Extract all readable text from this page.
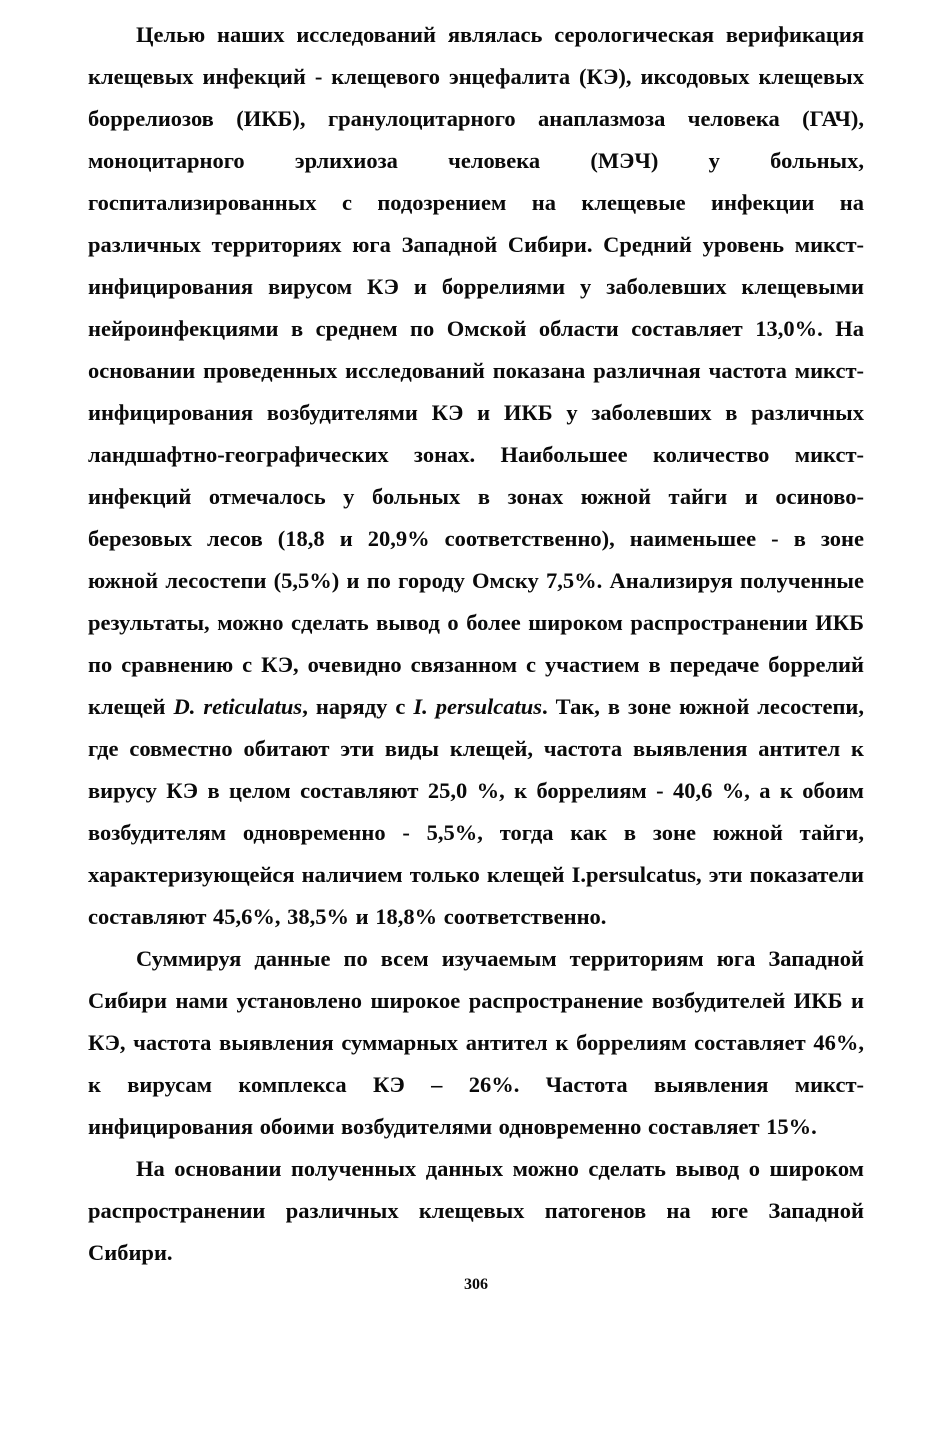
Целью наших исследований являлась серологическая верификация клещевых инфекций - клещевого энцефалита (КЭ), иксодовых клещевых боррелиозов (ИКБ), гранулоцитарного анаплазмоза человека (ГАЧ), моноцитарного эрлихиоза человека (МЭЧ) у больных, госпитализированных с подозрением на клещевые инфекции на различных территориях юга Западной Сибири. Средний уровень микст-инфицирования вирусом КЭ и боррелиями у заболевших клещевыми нейроинфекциями в среднем по Омской области составляет 13,0%. На основании проведенных исследований показана различная частота микст-инфицирования возбудителями КЭ и ИКБ у заболевших в различных ландшафтно-географических зонах. Наибольшее количество микст-инфекций отмечалось у больных в зонах южной тайги и осиново-березовых лесов (18,8 и 20,9% соответственно), наименьшее - в зоне южной лесостепи (5,5%) и по городу Омску 7,5%. Анализируя полученные результаты, можно сделать вывод о более широком распространении ИКБ по сравнению с КЭ, очевидно связанном с участием в передаче боррелий клещей D. reticulatus, наряду с I. persulcatus. Так, в зоне южной лесостепи, где совместно обитают эти виды клещей, частота выявления антител к вирусу КЭ в целом составляют 25,0 %, к боррелиям - 40,6 %, а к обоим возбудителям одновременно - 5,5%, тогда как в зоне южной тайги, характеризующейся наличием только клещей I.persulcatus, эти показатели составляют 45,6%, 38,5% и 18,8% соответственно.

Суммируя данные по всем изучаемым территориям юга Западной Сибири нами установлено широкое распространение возбудителей ИКБ и КЭ, частота выявления суммарных антител к боррелиям составляет 46%, к вирусам комплекса КЭ – 26%. Частота выявления микст-инфицирования обоими возбудителями одновременно составляет 15%.

На основании полученных данных можно сделать вывод о широком распространении различных клещевых патогенов на юге Западной Сибири.

306
